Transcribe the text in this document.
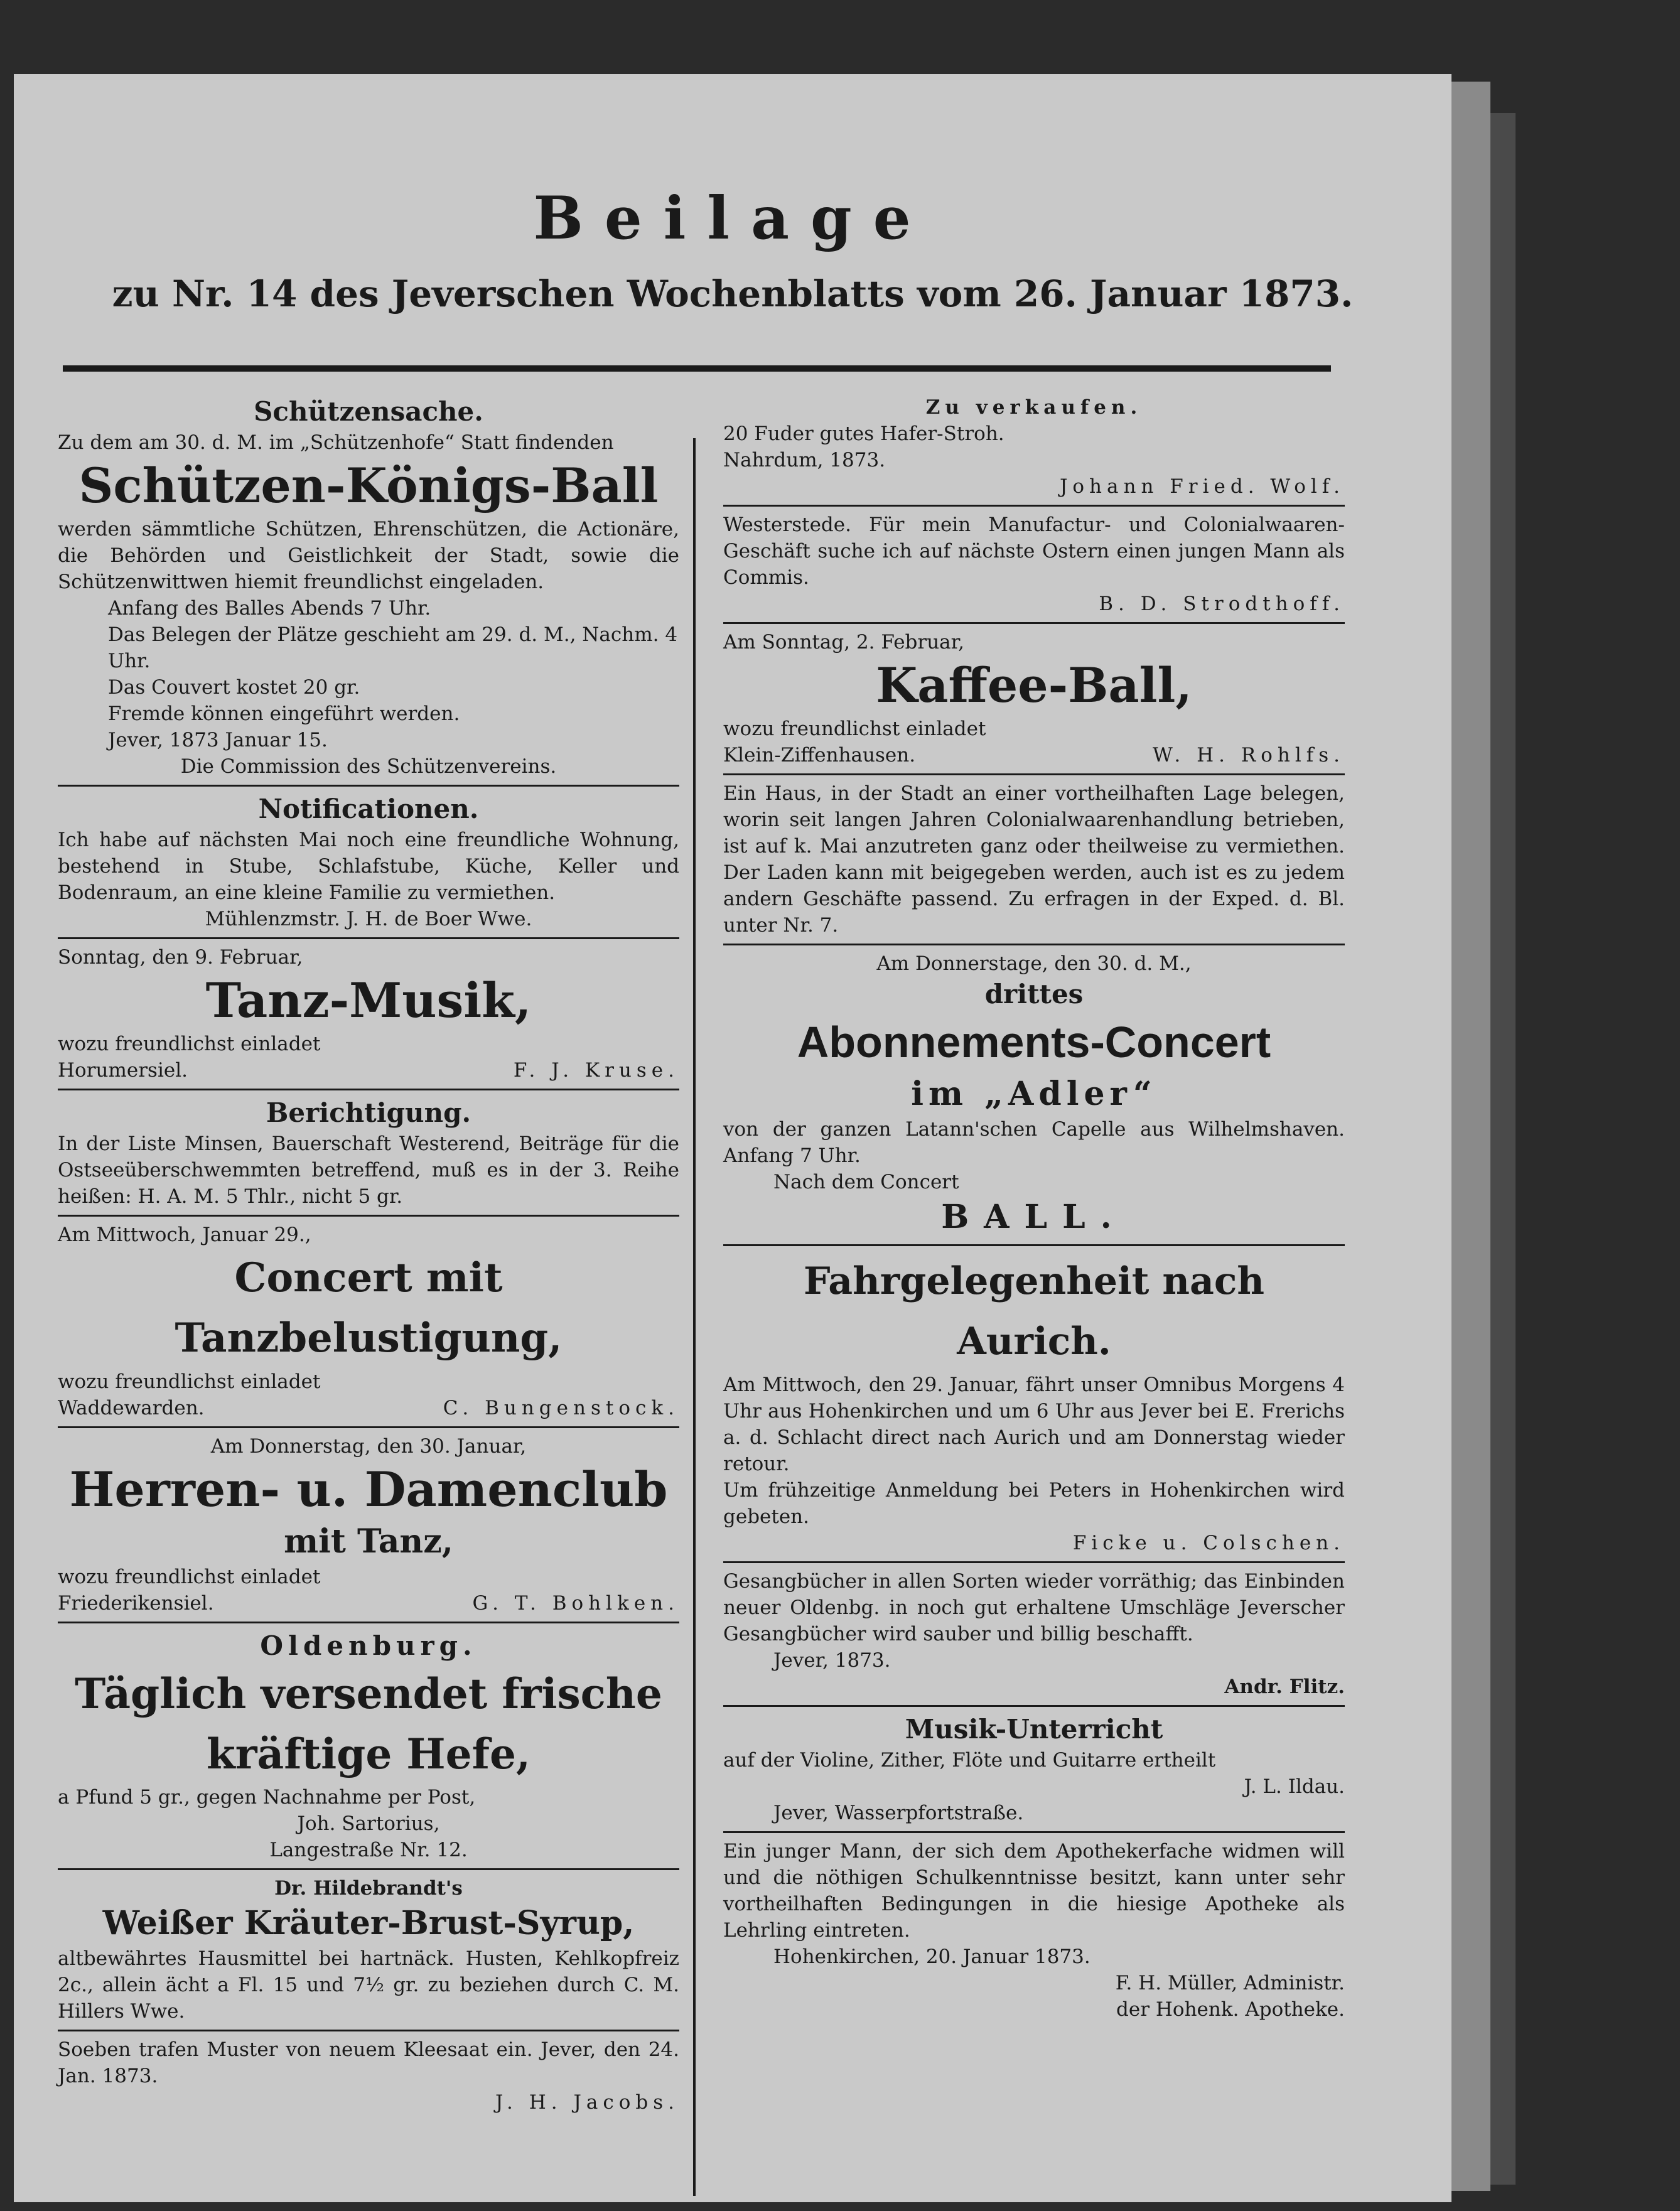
Beilage
zu Nr. 14 des Jeverschen Wochenblatts vom 26. Januar 1873.
Schützensache.
Zu dem am 30. d. M. im „Schützenhofe“ Statt findenden
Schützen-Königs-Ball
werden sämmtliche Schützen, Ehrenschützen, die Actionäre, die Behörden und Geistlichkeit der Stadt, sowie die Schützenwittwen hiemit freundlichst eingeladen.
Anfang des Balles Abends 7 Uhr.
Das Belegen der Plätze geschieht am 29. d. M., Nachm. 4 Uhr.
Das Couvert kostet 20 gr.
Fremde können eingeführt werden.
Jever, 1873 Januar 15.
Die Commission des Schützenvereins.
Notificationen.
Ich habe auf nächsten Mai noch eine freundliche Wohnung, bestehend in Stube, Schlafstube, Küche, Keller und Bodenraum, an eine kleine Familie zu vermiethen.
Mühlenzmstr. J. H. de Boer Wwe.
Sonntag, den 9. Februar,
Tanz-Musik,
wozu freundlichst einladet
Horumersiel.	F. J. Kruse.
Berichtigung.
In der Liste Minsen, Bauerschaft Westerend, Beiträge für die Ostseeüberschwemmten betreffend, muß es in der 3. Reihe heißen: H. A. M. 5 Thlr., nicht 5 gr.
Am Mittwoch, Januar 29.,
Concert mit Tanzbelustigung,
wozu freundlichst einladet
Waddewarden.	C. Bungenstock.
Am Donnerstag, den 30. Januar,
Herren- u. Damenclub
mit Tanz,
wozu freundlichst einladet
Friederikensiel.	G. T. Bohlken.
Oldenburg.
Täglich versendet frische
kräftige Hefe,
a Pfund 5 gr., gegen Nachnahme per Post,
Joh. Sartorius,
Langestraße Nr. 12.
Dr. Hildebrandt's
Weißer Kräuter-Brust-Syrup,
altbewährtes Hausmittel bei hartnäck. Husten, Kehlkopfreiz 2c., allein ächt a Fl. 15 und 7½ gr. zu beziehen durch C. M. Hillers Wwe.
Soeben trafen Muster von neuem Kleesaat ein. Jever, den 24. Jan. 1873.
J. H. Jacobs.
Zu verkaufen.
20 Fuder gutes Hafer-Stroh.
Nahrdum, 1873.
Johann Fried. Wolf.
Westerstede. Für mein Manufactur- und Colonialwaaren-Geschäft suche ich auf nächste Ostern einen jungen Mann als Commis.
B. D. Strodthoff.
Am Sonntag, 2. Februar,
Kaffee-Ball,
wozu freundlichst einladet
Klein-Ziffenhausen.	W. H. Rohlfs.
Ein Haus, in der Stadt an einer vortheilhaften Lage belegen, worin seit langen Jahren Colonialwaarenhandlung betrieben, ist auf k. Mai anzutreten ganz oder theilweise zu vermiethen. Der Laden kann mit beigegeben werden, auch ist es zu jedem andern Geschäfte passend. Zu erfragen in der Exped. d. Bl. unter Nr. 7.
Am Donnerstage, den 30. d. M.,
drittes
Abonnements-Concert
im „Adler“
von der ganzen Latann'schen Capelle aus Wilhelmshaven. Anfang 7 Uhr.
Nach dem Concert
BALL.
Fahrgelegenheit nach Aurich.
Am Mittwoch, den 29. Januar, fährt unser Omnibus Morgens 4 Uhr aus Hohenkirchen und um 6 Uhr aus Jever bei E. Frerichs a. d. Schlacht direct nach Aurich und am Donnerstag wieder retour.
Um frühzeitige Anmeldung bei Peters in Hohenkirchen wird gebeten.
Ficke u. Colschen.
Gesangbücher in allen Sorten wieder vorräthig; das Einbinden neuer Oldenbg. in noch gut erhaltene Umschläge Jeverscher Gesangbücher wird sauber und billig beschafft.
Jever, 1873.
Andr. Flitz.
Musik-Unterricht
auf der Violine, Zither, Flöte und Guitarre ertheilt
J. L. Ildau.
Jever, Wasserpfortstraße.
Ein junger Mann, der sich dem Apothekerfache widmen will und die nöthigen Schulkenntnisse besitzt, kann unter sehr vortheilhaften Bedingungen in die hiesige Apotheke als Lehrling eintreten.
Hohenkirchen, 20. Januar 1873.
F. H. Müller, Administr.
der Hohenk. Apotheke.
